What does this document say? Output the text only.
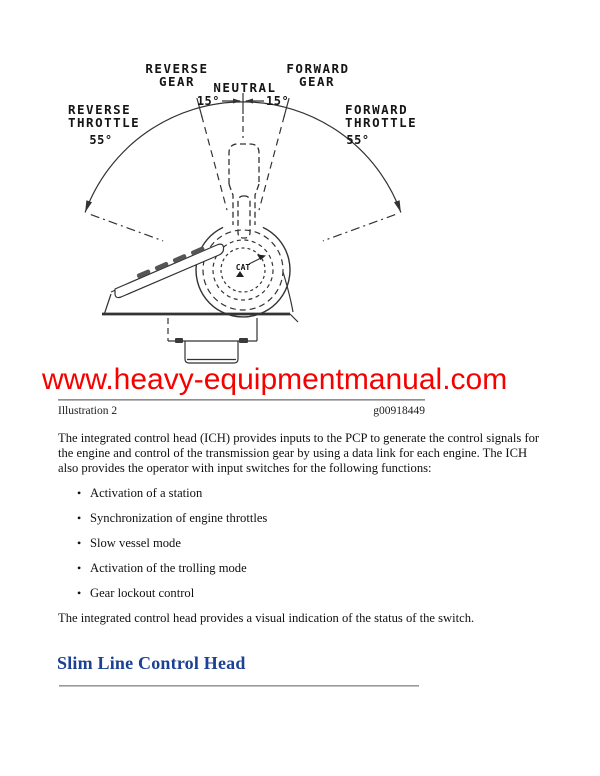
REVERSE
GEAR NEUTRAL
FORWARD
GEAR
REVERSE
THROTTLE
55°
FORWARD
THROTTLE
55°
15°	15°
CAT
www.heavy-equipmentmanual.com
Illustration 2	g00918449
The integrated control head (ICH) provides inputs to the PCP to generate the control signals for the engine and control of the transmission gear by using a data link for each engine. The ICH also provides the operator with input switches for the following functions:
• Activation of a station
• Synchronization of engine throttles
• Slow vessel mode
• Activation of the trolling mode
• Gear lockout control
The integrated control head provides a visual indication of the status of the switch.
Slim Line Control Head
